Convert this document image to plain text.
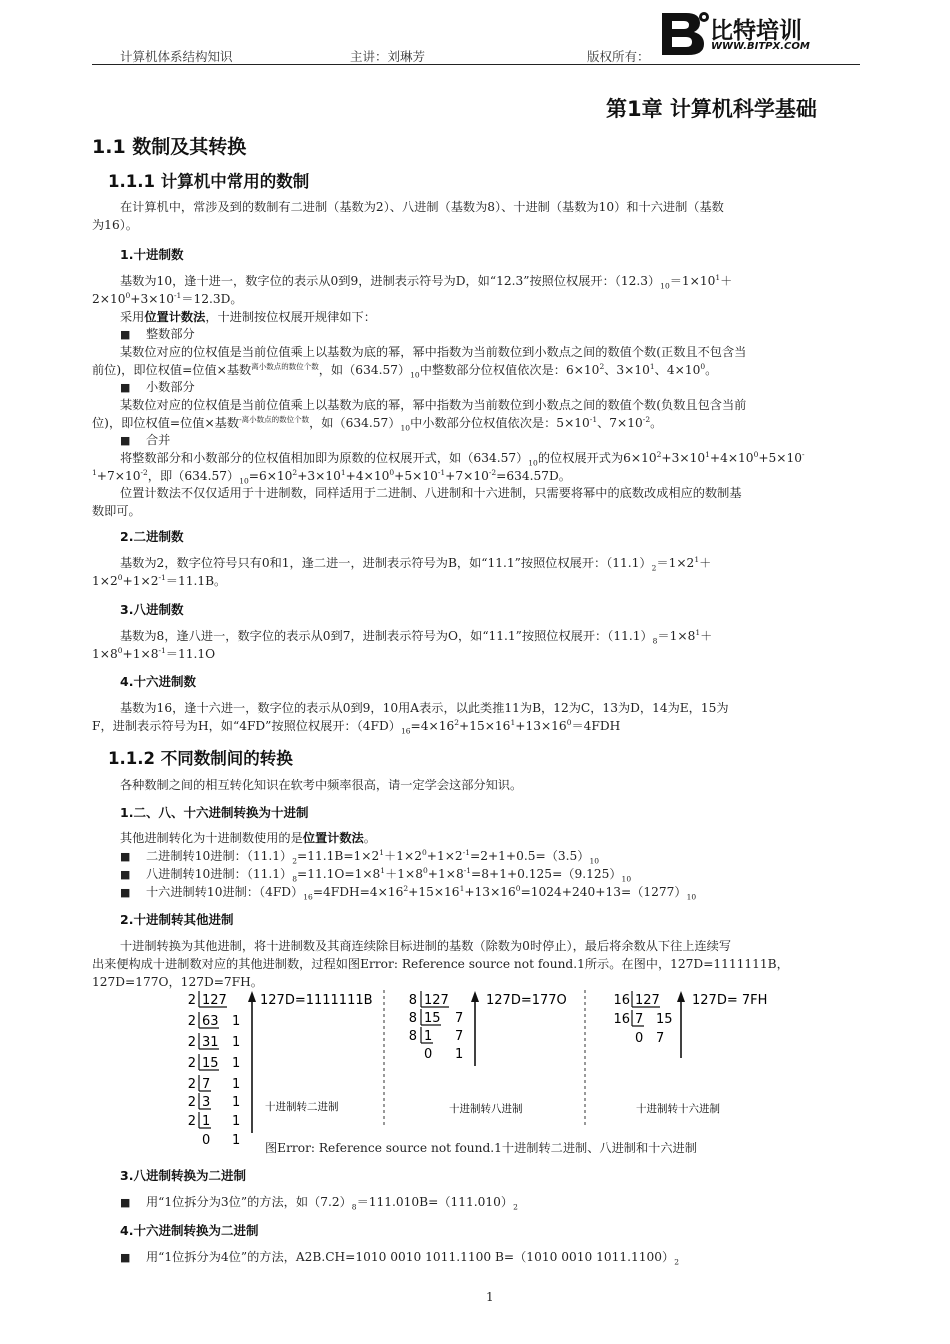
计算机体系结构知识	主讲：刘琳芳	版权所有：
比特培训
WWW.BITPX.COM
第1章 计算机科学基础
1.1 数制及其转换
1.1.1 计算机中常用的数制
在计算机中，常涉及到的数制有二进制（基数为2）、八进制（基数为8）、十进制（基数为10）和十六进制（基数
为16）。
1.十进制数
基数为10，逢十进一，数字位的表示从0到9，进制表示符号为D，如“12.3”按照位权展开：$(12.3)_{10}=1\times 10^1+$
$2\times 10^0+3\times 10^{-1}=12.3D$。
采用位置计数法，十进制按位权展开规律如下：
■ 整数部分
某数位对应的位权值是当前位值乘上以基数为底的幂，幂中指数为当前数位到小数点之间的数值个数(正数且不包含当
前位)，即位权值=位值×基数$^{离小数点的数位个数}$，如$(634.57)_{10}$中整数部分位权值依次是：$6\times 10^2$、$3\times 10^1$、$4\times 10^0$。
■ 小数部分
某数位对应的位权值是当前位值乘上以基数为底的幂，幂中指数为当前数位到小数点之间的数值个数(负数且包含当前
位)，即位权值=位值×基数$^{-离小数点的数位个数}$，如$(634.57)_{10}$中小数部分位权值依次是：$5\times 10^{-1}$、$7\times 10^{-2}$。
■ 合并
将整数部分和小数部分的位权值相加即为原数的位权展开式，如$(634.57)_{10}$的位权展开式为$6\times 10^2+3\times 10^1+4\times 10^0+5\times 10^-$
$^1+7\times 10^{-2}$，即$(634.57)_{10}=6\times 10^2+3\times 10^1+4\times 10^0+5\times 10^{-1}+7\times 10^{-2}=634.57D$。
位置计数法不仅仅适用于十进制数，同样适用于二进制、八进制和十六进制，只需要将幂中的底数改成相应的数制基
数即可。
2.二进制数
基数为2，数字位符号只有0和1，逢二进一，进制表示符号为B，如“11.1”按照位权展开：$(11.1)_2=1\times 2^1+$
$1\times 2^0+1\times 2^{-1}=11.1B$。
3.八进制数
基数为8，逢八进一，数字位的表示从0到7，进制表示符号为O，如“11.1”按照位权展开：$(11.1)_8=1\times 8^1+$
$1\times 8^0+1\times 8^{-1}=11.1O$
4.十六进制数
基数为16，逢十六进一，数字位的表示从0到9，10用A表示，以此类推11为B，12为C，13为D，14为E，15为
F，进制表示符号为H，如“4FD”按照位权展开：$(4FD)_{16}=4\times 16^2+15\times 16^1+13\times 16^0=4FDH$
1.1.2 不同数制间的转换
各种数制之间的相互转化知识在软考中频率很高，请一定学会这部分知识。
1.二、八、十六进制转换为十进制
其他进制转化为十进制数使用的是位置计数法。
■ 二进制转10进制：$(11.1)_2=11.1B=1\times 2^1+1\times 2^0+1\times 2^{-1}=2+1+0.5=(3.5)_{10}$
■ 八进制转10进制：$(11.1)_8=11.1O=1\times 8^1+1\times 8^0+1\times 8^{-1}=8+1+0.125=(9.125)_{10}$
■ 十六进制转10进制：$(4FD)_{16}=4FDH=4\times 16^2+15\times 16^1+13\times 16^0=1024+240+13=(1277)_{10}$
2.十进制转其他进制
十进制转换为其他进制，将十进制数及其商连续除目标进制的基数（除数为0时停止），最后将余数从下往上连续写
出来便构成十进制数对应的其他进制数，过程如图Error: Reference source not found.1所示。在图中，127D=1111111B，
127D=177O，127D=7FH。
2 127
2 63 1
2 31 1
2 15 1
2 7 1
2 3 1
2 1 1
0 1
8 127
8 15 7
8 1 7
0 1
16 127
16 7 15
0 7
127D=1111111B	127D=177O	127D= 7FH
十进制转二进制	十进制转八进制	十进制转十六进制
图Error: Reference source not found.1十进制转二进制、八进制和十六进制
3.八进制转换为二进制
■ 用“1位拆分为3位”的方法，如$(7.2)_8=111.010B=(111.010)_2$
4.十六进制转换为二进制
■ 用“1位拆分为4位”的方法，A2B.CH=1010 0010 1011.1100 B=（1010 0010 $1011.1100)_2$
1
